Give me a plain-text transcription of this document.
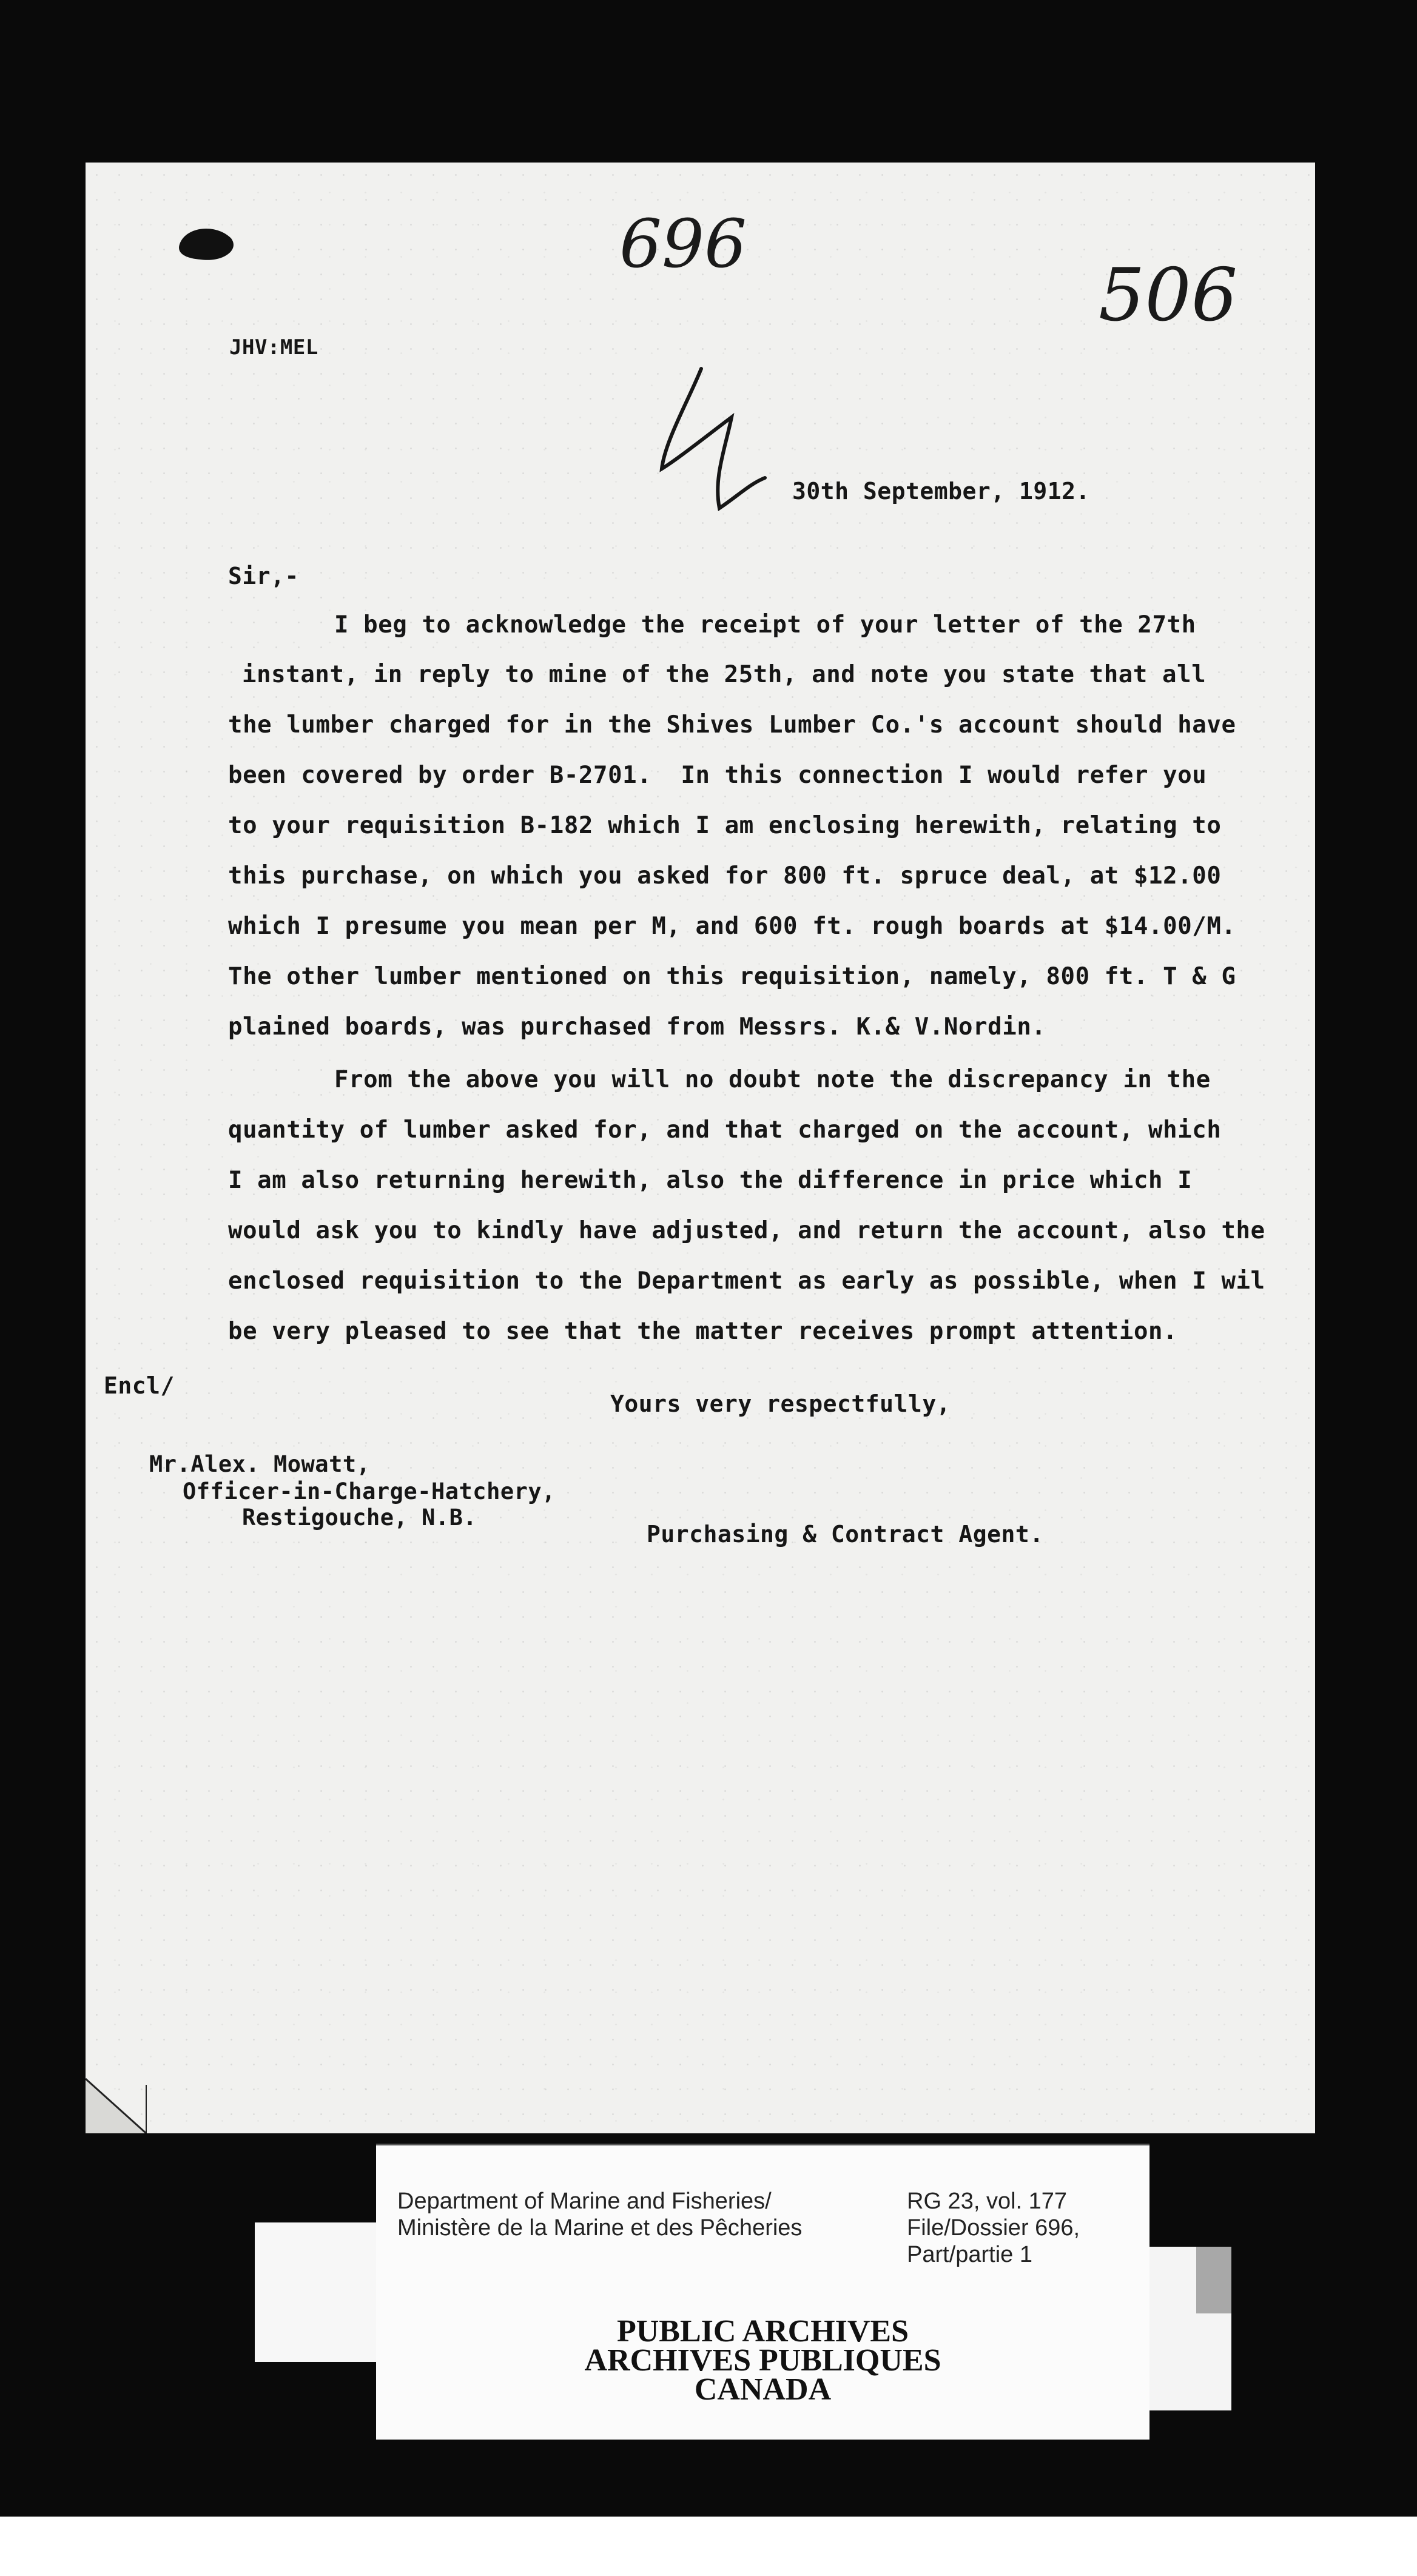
696
506
JHV:MEL
30th September, 1912.
Sir,-
I beg to acknowledge the receipt of your letter of the 27th
instant, in reply to mine of the 25th, and note you state that all
the lumber charged for in the Shives Lumber Co.'s account should have
been covered by order B-2701.  In this connection I would refer you
to your requisition B-182 which I am enclosing herewith, relating to
this purchase, on which you asked for 800 ft. spruce deal, at $12.00
which I presume you mean per M, and 600 ft. rough boards at $14.00/M.
The other lumber mentioned on this requisition, namely, 800 ft. T & G
plained boards, was purchased from Messrs. K.& V.Nordin.
From the above you will no doubt note the discrepancy in the
quantity of lumber asked for, and that charged on the account, which
I am also returning herewith, also the difference in price which I
would ask you to kindly have adjusted, and return the account, also the
enclosed requisition to the Department as early as possible, when I wil
be very pleased to see that the matter receives prompt attention.
Encl/
Yours very respectfully,
Mr.Alex. Mowatt,
Officer-in-Charge-Hatchery,
Restigouche, N.B.
Purchasing & Contract Agent.
Department of Marine and Fisheries/
Ministère de la Marine et des Pêcheries
RG 23, vol. 177
File/Dossier 696,
Part/partie 1
PUBLIC ARCHIVES
ARCHIVES PUBLIQUES
CANADA
